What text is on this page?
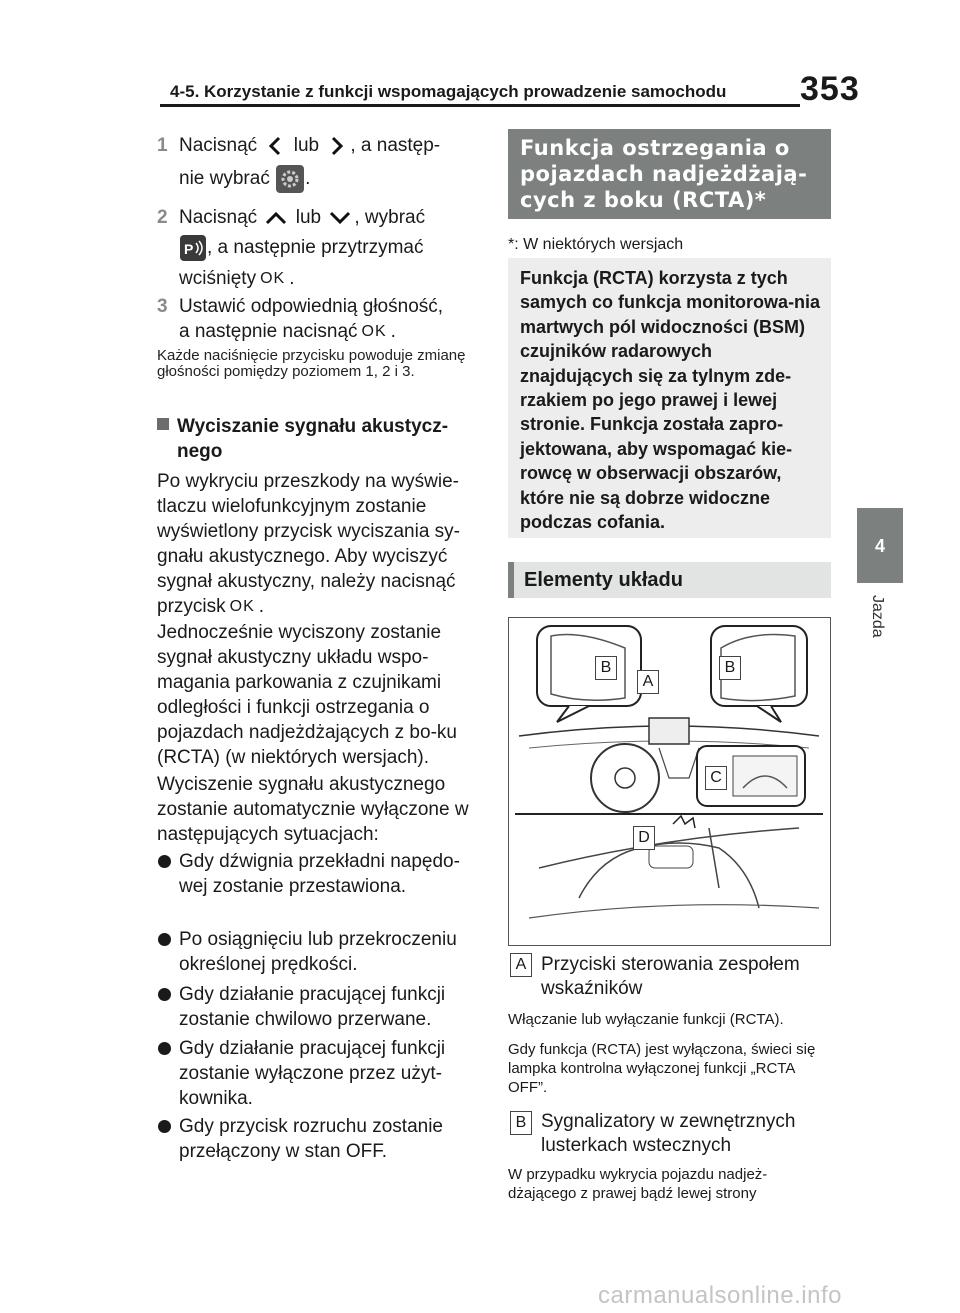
4-5. Korzystanie z funkcji wspomagających prowadzenie samochodu 353
4
Jazda
1 Nacisnąć lub , a następ-
nie wybrać .
2 Nacisnąć lub , wybrać
P , a następnie przytrzymać
wciśnięty OK .
3 Ustawić odpowiednią głośność,
a następnie nacisnąć OK .
Każde naciśnięcie przycisku powoduje zmianę głośności pomiędzy poziomem 1, 2 i 3.
Wyciszanie sygnału akustycz-nego
Po wykryciu przeszkody na wyświe-tlaczu wielofunkcyjnym zostanie wyświetlony przycisk wyciszania sy-gnału akustycznego. Aby wyciszyć sygnał akustyczny, należy nacisnąć przycisk OK .
Jednocześnie wyciszony zostanie sygnał akustyczny układu wspo-magania parkowania z czujnikami odległości i funkcji ostrzegania o pojazdach nadjeżdżających z bo-ku (RCTA) (w niektórych wersjach).
Wyciszenie sygnału akustycznego zostanie automatycznie wyłączone w następujących sytuacjach:
Gdy dźwignia przekładni napędo-wej zostanie przestawiona.
Po osiągnięciu lub przekroczeniu określonej prędkości.
Gdy działanie pracującej funkcji zostanie chwilowo przerwane.
Gdy działanie pracującej funkcji zostanie wyłączone przez użyt-kownika.
Gdy przycisk rozruchu zostanie przełączony w stan OFF.
Funkcja ostrzegania o pojazdach nadjeżdżają-cych z boku (RCTA)*
*: W niektórych wersjach
Funkcja (RCTA) korzysta z tych samych co funkcja monitorowa-nia martwych pól widoczności (BSM) czujników radarowych znajdujących się za tylnym zde-rzakiem po jego prawej i lewej stronie. Funkcja została zapro-jektowana, aby wspomagać kie-rowcę w obserwacji obszarów, które nie są dobrze widoczne podczas cofania.
Elementy układu
B
A
B
C
D
A Przyciski sterowania zespołem wskaźników
Włączanie lub wyłączanie funkcji (RCTA).
Gdy funkcja (RCTA) jest wyłączona, świeci się lampka kontrolna wyłączonej funkcji „RCTA OFF”.
B Sygnalizatory w zewnętrznych lusterkach wstecznych
W przypadku wykrycia pojazdu nadjeż-dżającego z prawej bądź lewej strony
carmanualsonline.info
